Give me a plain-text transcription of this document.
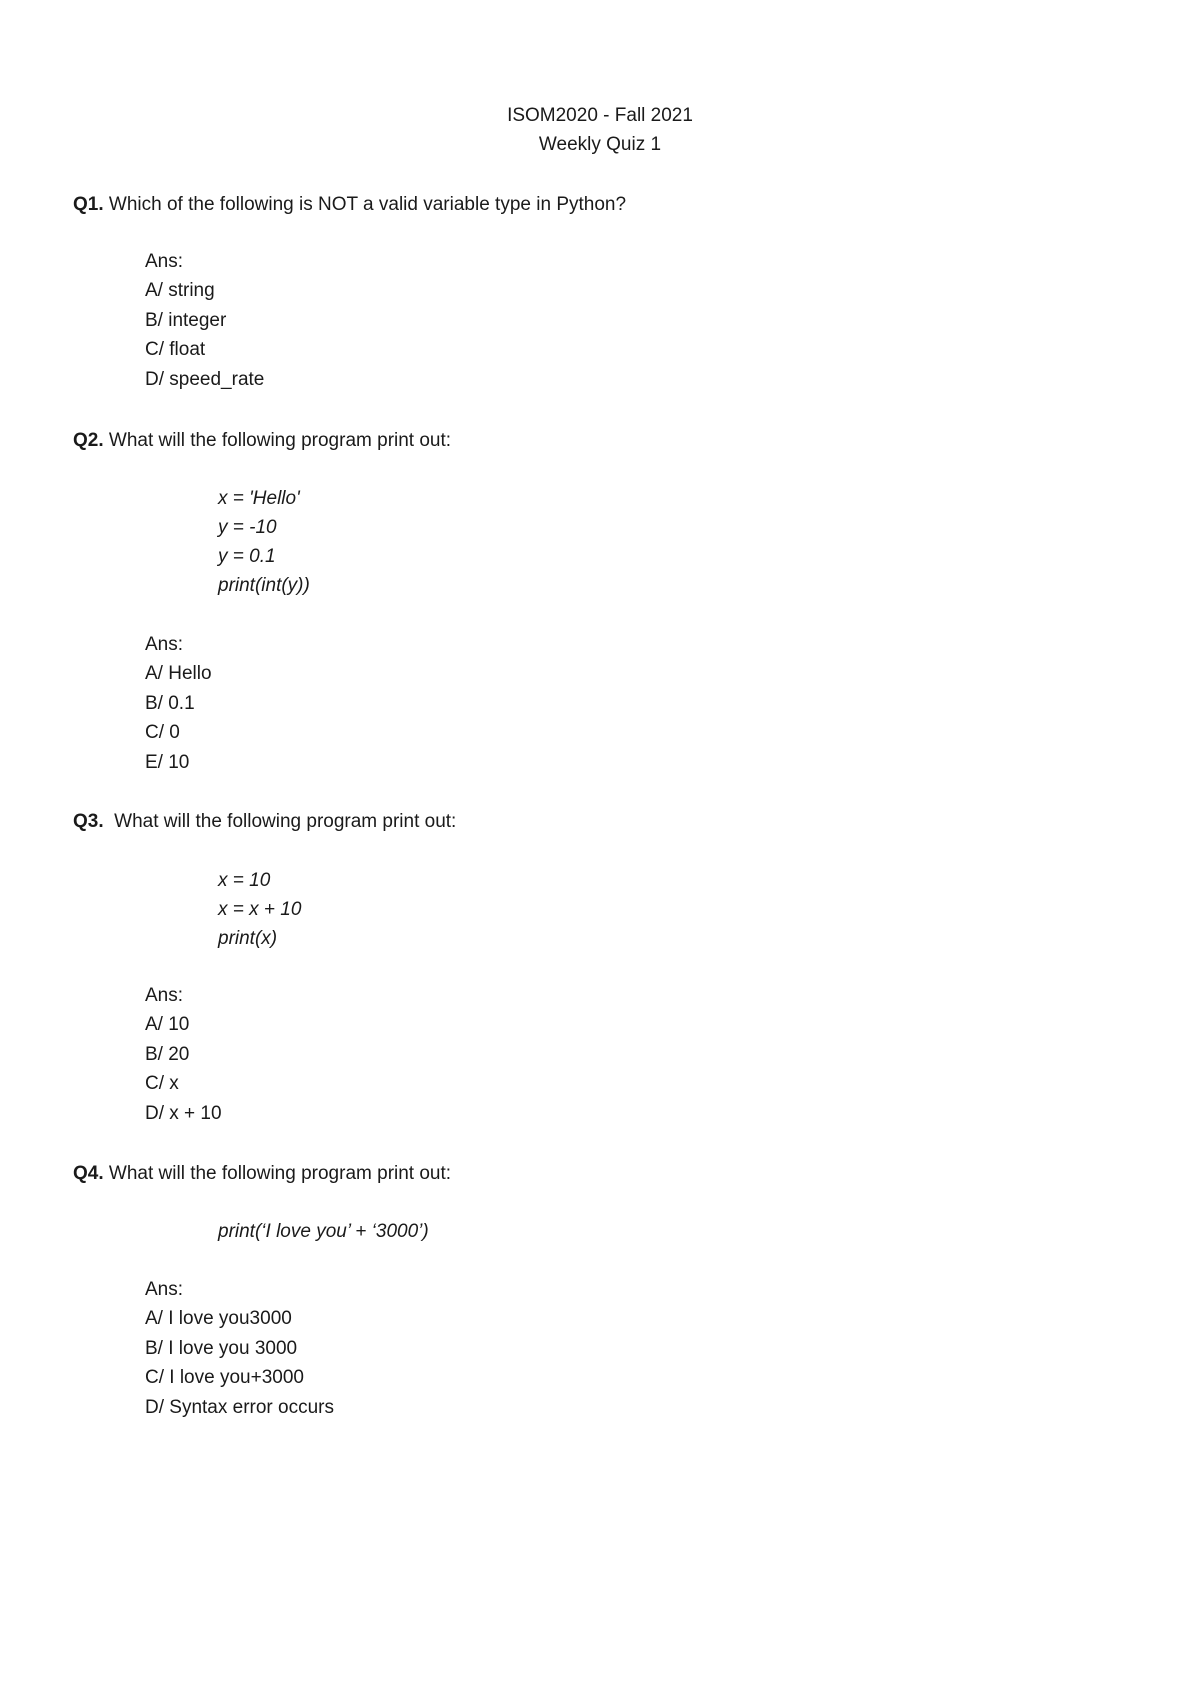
ISOM2020 - Fall 2021
Weekly Quiz 1
Q1. Which of the following is NOT a valid variable type in Python?
Ans:
A/ string
B/ integer
C/ float
D/ speed_rate
Q2. What will the following program print out:
x = 'Hello'
y = -10
y = 0.1
print(int(y))
Ans:
A/ Hello
B/ 0.1
C/ 0
E/ 10
Q3.  What will the following program print out:
x = 10
x = x + 10
print(x)
Ans:
A/ 10
B/ 20
C/ x
D/ x + 10
Q4. What will the following program print out:
print(‘I love you’ + ‘3000’)
Ans:
A/ I love you3000
B/ I love you 3000
C/ I love you+3000
D/ Syntax error occurs
